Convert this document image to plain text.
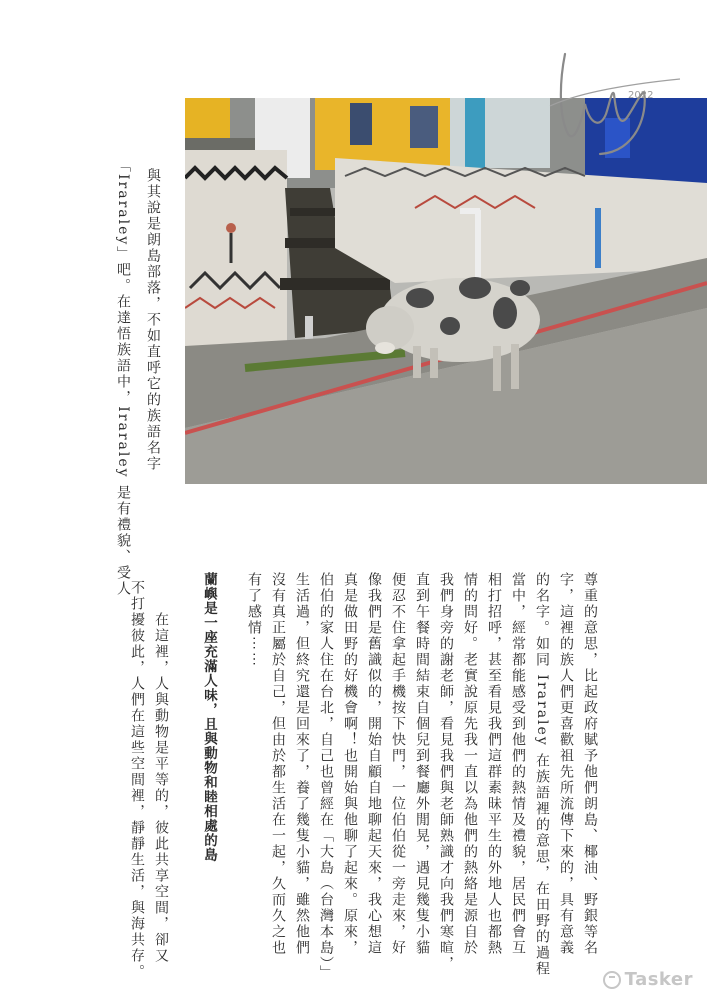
2022
與其說是朗島部落，不如直呼它的族語名字
「Iraraley」吧。在達悟族語中，Iraraley 是有禮貌、受人
尊重的意思，比起政府賦予他們朗島、椰油、野銀等名
字，這裡的族人們更喜歡祖先所流傳下來的，具有意義
的名字。如同 Iraraley 在族語裡的意思，在田野的過程
當中，經常都能感受到他們的熱情及禮貌，居民們會互
相打招呼，甚至看見我們這群素昧平生的外地人也都熱
情的問好。老實說原先我一直以為他們的熱絡是源自於
我們身旁的謝老師，看見我們與老師熟識才向我們寒暄，
直到午餐時間結束自個兒到餐廳外閒晃，遇見幾隻小貓
便忍不住拿起手機按下快門，一位伯伯從一旁走來，好
像我們是舊識似的，開始自顧自地聊起天來，我心想這
真是做田野的好機會啊！也開始與他聊了起來。原來，
伯伯的家人住在台北，自己也曾經在「大島（台灣本島）」
生活過，但終究還是回來了，養了幾隻小貓，雖然他們
沒有真正屬於自己，但由於都生活在一起，久而久之也
有了感情⋯⋯
蘭嶼是一座充滿人味，且與動物和睦相處的島
　在這裡，人與動物是平等的，彼此共享空間，卻又
不打擾彼此，人們在這些空間裡，靜靜生活，與海共存。	Tasker
